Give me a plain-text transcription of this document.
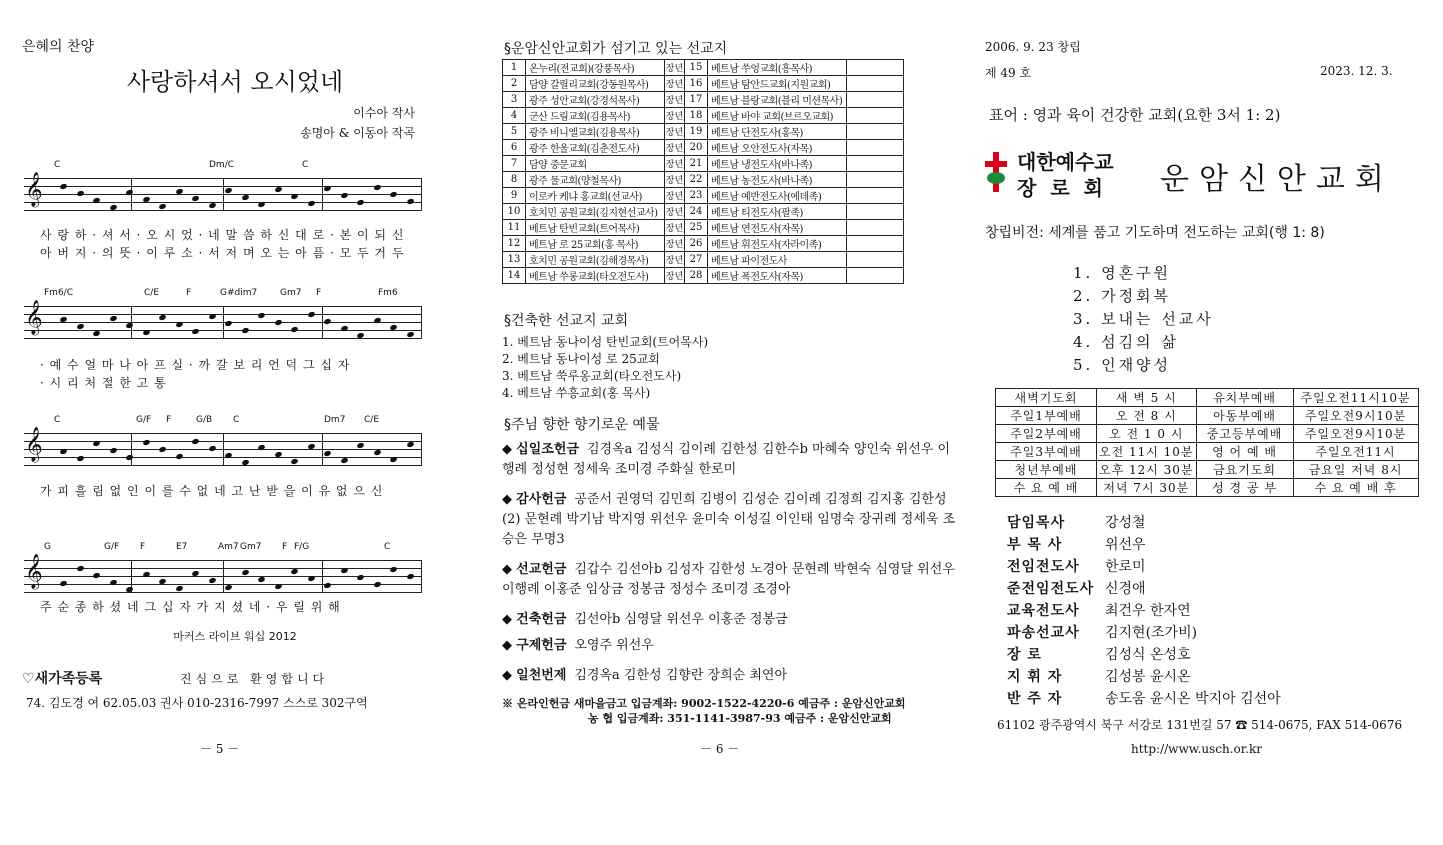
은혜의 찬양
사랑하셔서 오시었네
이수아 작사
송명아 & 이동아 작곡
𝄞
C	Dm/C	C
사 랑 하 · 셔 서 · 오 시 었 · 네 말 씀 하 신 대 로 · 본 이 되 신
아 버 지 · 의 뜻 · 이 루 소 · 서 저 며 오 는 아 픔 · 모 두 거 두
𝄞
Fm6/C	C/E	F	G#dim7	Gm7 F	Fm6
· 예 수 얼 마 나 아 프 실 · 까 갈 보 리 언 덕 그 십 자
· 시 리 처 절 한 고 통
𝄞
C	G/F F	G/B C	Dm7 C/E
가 피 흘 림 없 인 이 를 수 없 네 고 난 받 을 이 유 없 으 신
𝄞
G	G/F F	E7	Am7 Gm7 F F/G	C
주 순 종 하 셨 네 그 십 자 가 지 셨 네 · 우 릴 위 해
마커스 라이브 워십 2012
♡새가족등록	진심으로 환영합니다
74. 김도경 여 62.05.03 권사 010-2316-7997 스스로 302구역
－ 5 －
§운암신안교회가 섬기고 있는 선교지
1	온누리(전교회)(강풍목사)	장년	15	베트남 쑤엉교회(흥목사)	
2	담양 갈릴리교회(강동원목사)	장년	16	베트남 탐안드교회(지원교회)	
3	광주 성안교회(강경석목사)	장년	17	베트남 블랑교회(블리 미션목사)	
4	군산 드림교회(김용목사)	장년	18	베트남 바야 교회(브르오교회)	
5	광주 비니엘교회(김용목사)	장년	19	베트남 단전도사(홍목)	
6	광주 한울교회(김춘전도사)	장년	20	베트남 오안전도사(자목)	
7	담양 중문교회	장년	21	베트남 냉전도사(바나족)	
8	광주 물교회(양철목사)	장년	22	베트남 농전도사(바나족)	
9	이로카 케냐 홍교회(선교사)	장년	23	베트남 예반전도사(에데족)	
10	호치민 공원교회(김지현선교사)	장년	24	베트남 티전도사(팔족)	
11	베트남 탄빈교회(트어목사)	장년	25	베트남 연전도사(자목)	
12	베트남 로 25교회(홍 목사)	장년	26	베트남 휘전도사(자라이족)	
13	호치민 공원교회(김해경목사)	장년	27	베트남 파이전도사	
14	베트남 쑤롱교회(타오전도사)	장년	28	베트남 폭전도사(자목)	
§건축한 선교지 교회
1. 베트남 동나이성 탄빈교회(트어목사)
2. 베트남 동나이성 로 25교회
3. 베트남 쑥루옹교회(타오전도사)
4. 베트남 쑤흥교회(홍 목사)
§주님 향한 향기로운 예물
◆ 십일조헌금 김경옥a 김성식 김이례 김한성 김한수b 마혜숙 양인숙 위선우 이행례 정성현 정세욱 조미경 주화실 한로미
◆ 감사헌금 공준서 권영덕 김민희 김병이 김성순 김이례 김정희 김지홍 김한성(2) 문현례 박기남 박지영 위선우 윤미숙 이성길 이인태 임명숙 장귀례 정세욱 조승은 무명3
◆ 선교헌금 김갑수 김선아b 김성자 김한성 노경아 문현례 박현숙 심영달 위선우 이행례 이홍준 임상금 정봉금 정성수 조미경 조경아
◆ 건축헌금 김선아b 심영달 위선우 이홍준 정봉금
◆ 구제헌금 오영주 위선우
◆ 일천번제 김경옥a 김한성 김향란 장희순 최연아
※ 온라인헌금 새마을금고 입금계좌: 9002-1522-4220-6 예금주 : 운암신안교회
농 협 입금계좌: 351-1141-3987-93 예금주 : 운암신안교회
－ 6 －
2006. 9. 23 창립
제 49 호	2023. 12. 3.
표어 : 영과 육이 건강한 교회(요한 3서 1: 2)
대한예수교
장로회 운암신안교회
창립비전: 세계를 품고 기도하며 전도하는 교회(행 1: 8)
1. 영혼구원
2. 가정회복
3. 보내는 선교사
4. 섬김의 삶
5. 인재양성
새벽기도회	새 벽 5 시	유치부예배	주일오전11시10분
주일1부예배	오 전 8 시	아동부예배	주일오전9시10분
주일2부예배	오 전 1 0 시	중고등부예배	주일오전9시10분
주일3부예배	오전 11시 10분	영 어 예 배	주일오전11시
청년부예배	오후 12시 30분	금요기도회	금요일 저녁 8시
수 요 예 배	저녁 7시 30분	성 경 공 부	수 요 예 배 후
담임목사	강성철
부 목 사	위선우
전임전도사 한로미
준전임전도사 신경애
교육전도사 최건우 한자연
파송선교사 김지현(조가비)
장 로	김성식 온성호
지 휘 자	김성봉 윤시온
반 주 자	송도움 윤시온 박지아 김선아
61102 광주광역시 북구 서강로 131번길 57 ☎ 514-0675, FAX 514-0676
http://www.usch.or.kr
